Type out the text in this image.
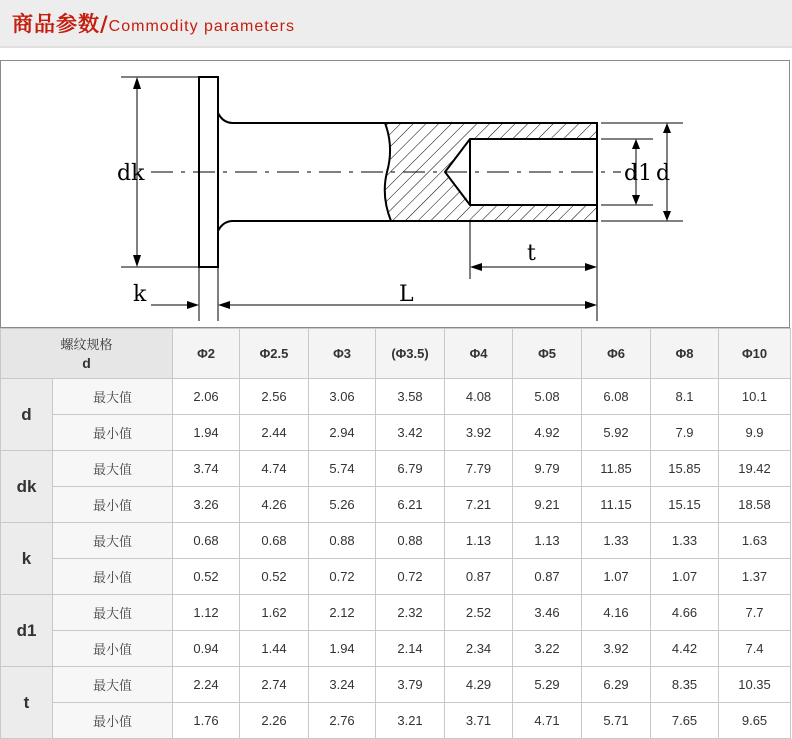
商品参数/Commodity parameters
dk	d1 d
t
k	L
螺纹规格
d		Φ2	Φ2.5	Φ3	(Φ3.5)	Φ4	Φ5	Φ6	Φ8	Φ10
d	最大值	2.06	2.56	3.06	3.58	4.08	5.08	6.08	8.1	10.1
	最小值	1.94	2.44	2.94	3.42	3.92	4.92	5.92	7.9	9.9
dk	最大值	3.74	4.74	5.74	6.79	7.79	9.79	11.85	15.85	19.42
	最小值	3.26	4.26	5.26	6.21	7.21	9.21	11.15	15.15	18.58
k	最大值	0.68	0.68	0.88	0.88	1.13	1.13	1.33	1.33	1.63
	最小值	0.52	0.52	0.72	0.72	0.87	0.87	1.07	1.07	1.37
d1	最大值	1.12	1.62	2.12	2.32	2.52	3.46	4.16	4.66	7.7
	最小值	0.94	1.44	1.94	2.14	2.34	3.22	3.92	4.42	7.4
t	最大值	2.24	2.74	3.24	3.79	4.29	5.29	6.29	8.35	10.35
	最小值	1.76	2.26	2.76	3.21	3.71	4.71	5.71	7.65	9.65
